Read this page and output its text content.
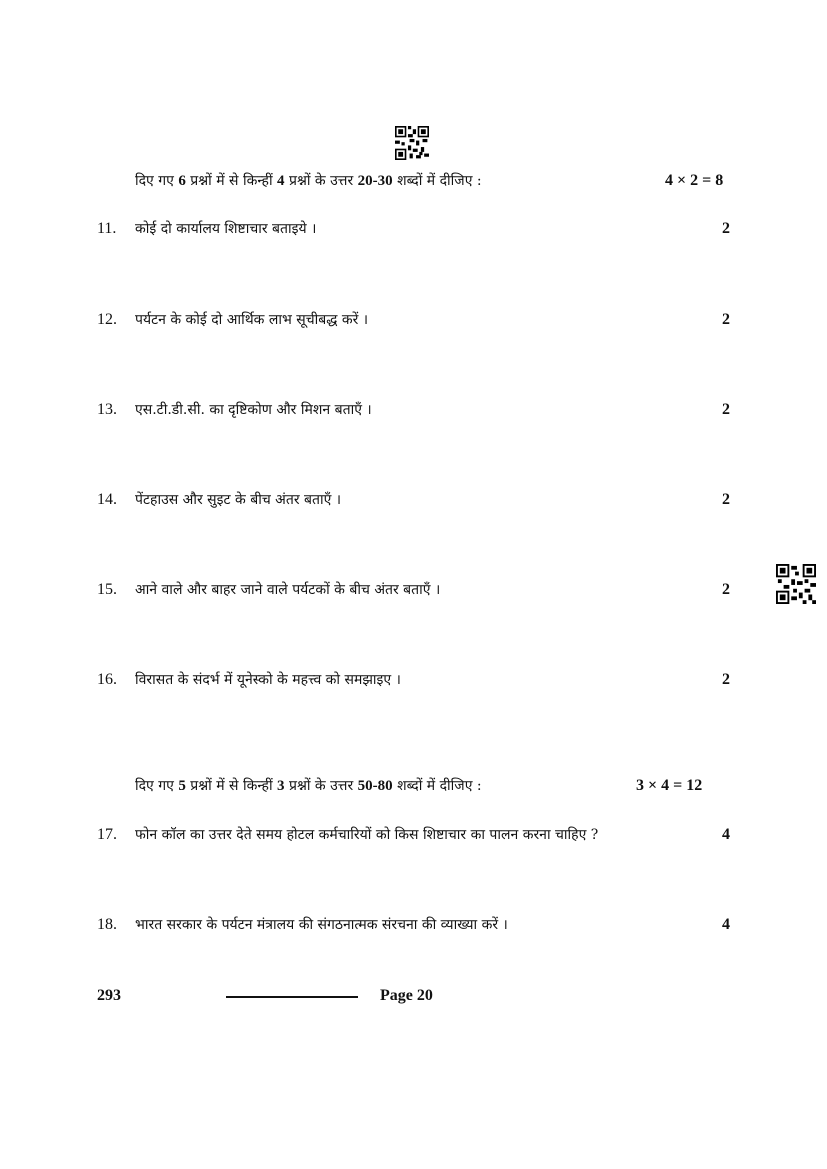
दिए गए 6 प्रश्नों में से किन्हीं 4 प्रश्नों के उत्तर 20-30 शब्दों में दीजिए :	4 × 2 = 8
11.	कोई दो कार्यालय शिष्टाचार बताइये ।	2
12.	पर्यटन के कोई दो आर्थिक लाभ सूचीबद्ध करें ।	2
13.	एस.टी.डी.सी. का दृष्टिकोण और मिशन बताएँ ।	2
14.	पेंटहाउस और सुइट के बीच अंतर बताएँ ।	2
15.	आने वाले और बाहर जाने वाले पर्यटकों के बीच अंतर बताएँ ।	2
16.	विरासत के संदर्भ में यूनेस्को के महत्त्व को समझाइए ।	2
दिए गए 5 प्रश्नों में से किन्हीं 3 प्रश्नों के उत्तर 50-80 शब्दों में दीजिए :	3 × 4 = 12
17.	फोन कॉल का उत्तर देते समय होटल कर्मचारियों को किस शिष्टाचार का पालन करना चाहिए ?	4
18.	भारत सरकार के पर्यटन मंत्रालय की संगठनात्मक संरचना की व्याख्या करें ।	4
293	Page 20
